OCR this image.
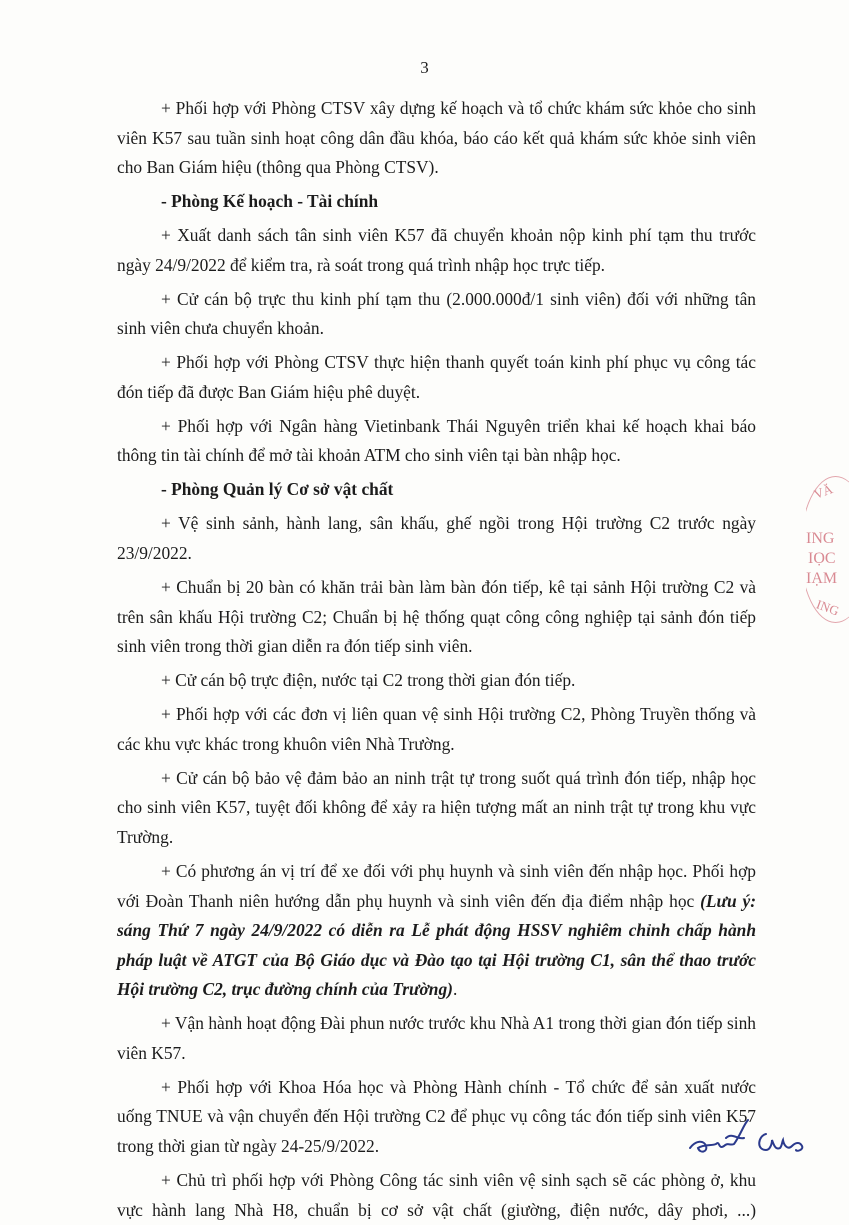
3

+ Phối hợp với Phòng CTSV xây dựng kế hoạch và tổ chức khám sức khỏe cho sinh viên K57 sau tuần sinh hoạt công dân đầu khóa, báo cáo kết quả khám sức khỏe sinh viên cho Ban Giám hiệu (thông qua Phòng CTSV).

- Phòng Kế hoạch - Tài chính

+ Xuất danh sách tân sinh viên K57 đã chuyển khoản nộp kinh phí tạm thu trước ngày 24/9/2022 để kiểm tra, rà soát trong quá trình nhập học trực tiếp.

+ Cử cán bộ trực thu kinh phí tạm thu (2.000.000đ/1 sinh viên) đối với những tân sinh viên chưa chuyển khoản.

+ Phối hợp với Phòng CTSV thực hiện thanh quyết toán kinh phí phục vụ công tác đón tiếp đã được Ban Giám hiệu phê duyệt.

+ Phối hợp với Ngân hàng Vietinbank Thái Nguyên triển khai kế hoạch khai báo thông tin tài chính để mở tài khoản ATM cho sinh viên tại bàn nhập học.

- Phòng Quản lý Cơ sở vật chất

+ Vệ sinh sảnh, hành lang, sân khấu, ghế ngồi trong Hội trường C2 trước ngày 23/9/2022.

+ Chuẩn bị 20 bàn có khăn trải bàn làm bàn đón tiếp, kê tại sảnh Hội trường C2 và trên sân khấu Hội trường C2; Chuẩn bị hệ thống quạt công công nghiệp tại sảnh đón tiếp sinh viên trong thời gian diễn ra đón tiếp sinh viên.

+ Cử cán bộ trực điện, nước tại C2 trong thời gian đón tiếp.

+ Phối hợp với các đơn vị liên quan vệ sinh Hội trường C2, Phòng Truyền thống và các khu vực khác trong khuôn viên Nhà Trường.

+ Cử cán bộ bảo vệ đảm bảo an ninh trật tự trong suốt quá trình đón tiếp, nhập học cho sinh viên K57, tuyệt đối không để xảy ra hiện tượng mất an ninh trật tự trong khu vực Trường.

+ Có phương án vị trí để xe đối với phụ huynh và sinh viên đến nhập học. Phối hợp với Đoàn Thanh niên hướng dẫn phụ huynh và sinh viên đến địa điểm nhập học (Lưu ý: sáng Thứ 7 ngày 24/9/2022 có diễn ra Lễ phát động HSSV nghiêm chỉnh chấp hành pháp luật về ATGT của Bộ Giáo dục và Đào tạo tại Hội trường C1, sân thể thao trước Hội trường C2, trục đường chính của Trường).

+ Vận hành hoạt động Đài phun nước trước khu Nhà A1 trong thời gian đón tiếp sinh viên K57.

+ Phối hợp với Khoa Hóa học và Phòng Hành chính - Tổ chức để sản xuất nước uống TNUE và vận chuyển đến Hội trường C2 để phục vụ công tác đón tiếp sinh viên K57 trong thời gian từ ngày 24-25/9/2022.

+ Chủ trì phối hợp với Phòng Công tác sinh viên vệ sinh sạch sẽ các phòng ở, khu vực hành lang Nhà H8, chuẩn bị cơ sở vật chất (giường, điện nước, dây phơi, ...)

VĂ
ING
IỌC
IẠM
ING
